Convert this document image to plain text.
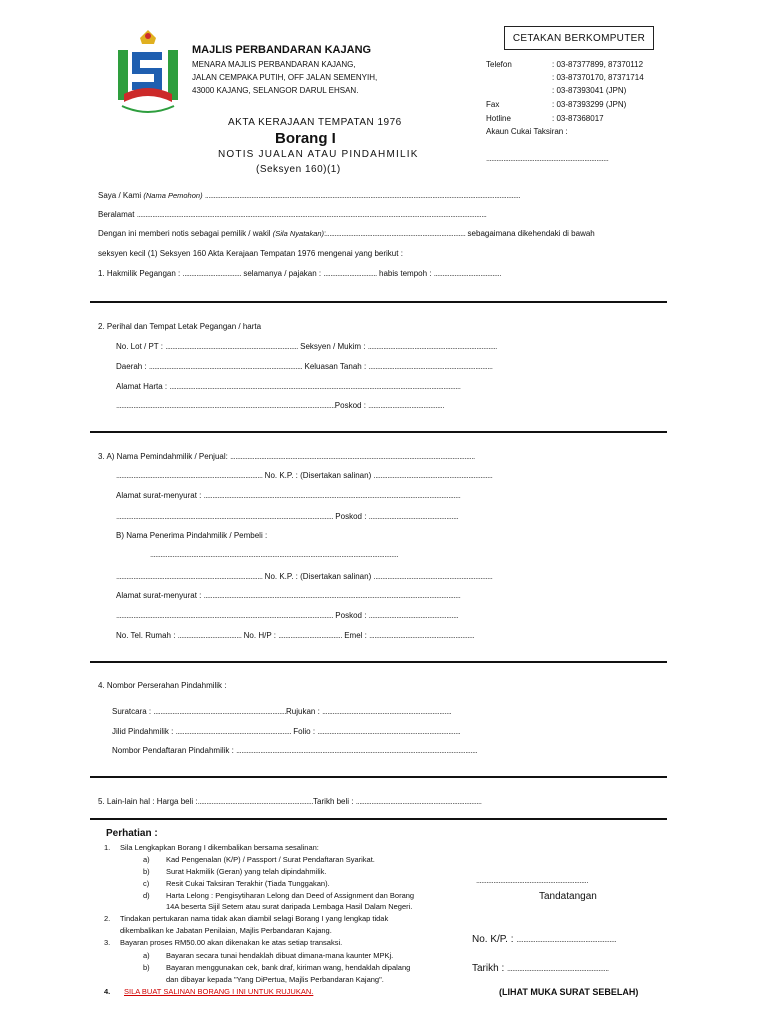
MAJLIS PERBANDARAN KAJANG
MENARA MAJLIS PERBANDARAN KAJANG,
JALAN CEMPAKA PUTIH, OFF JALAN SEMENYIH,
43000 KAJANG, SELANGOR DARUL EHSAN.
AKTA KERAJAAN TEMPATAN 1976
Borang I
NOTIS JUALAN ATAU PINDAHMILIK
(Seksyen 160)(1)
CETAKAN BERKOMPUTER
Telefon	: 03-87377899, 87370112
: 03-87370170, 87371714
: 03-87393041 (JPN)
Fax	: 03-87393299 (JPN)
Hotline	: 03-87368017
Akaun Cukai Taksiran :
.......................................................................
Saya / Kami (Nama Pemohon) .......................................................................................................................................................................................
Beralamat ...........................................................................................................................................................................................................
Dengan ini memberi notis sebagai pemilik / wakil (Sila Nyatakan):................................................................................. sebagaimana dikehendaki di bawah
seksyen kecil (1) Seksyen 160 Akta Kerajaan Tempatan 1976 mengenai yang berikut :
1. Hakmilik Pegangan : .................................. selamanya / pajakan : ............................... habis tempoh : .......................................
2. Perihal dan Tempat Letak Pegangan / harta
No. Lot / PT : ............................................................................. Seksyen / Mukim : ...........................................................................
Daerah : ......................................................................................... Keluasan Tanah : ........................................................................
Alamat Harta : .........................................................................................................................................................................
...............................................................................................................................Poskod : ............................................
3. A) Nama Pemindahmilik / Penjual: ..............................................................................................................................................
..................................................................................... No. K.P. : (Disertakan salinan) .....................................................................
Alamat surat-menyurat : .....................................................................................................................................................
.............................................................................................................................. Poskod : ....................................................
B) Nama Penerima Pindahmilik / Pembeli :
................................................................................................................................................
..................................................................................... No. K.P. : (Disertakan salinan) .....................................................................
Alamat surat-menyurat : .....................................................................................................................................................
.............................................................................................................................. Poskod : ....................................................
No. Tel. Rumah : ..................................... No. H/P : ..................................... Emel : .............................................................
4. Nombor Perserahan Pindahmilik :
Suratcara : .............................................................................Rujukan : ...........................................................................
Jilid Pindahmilik : ................................................................... Folio : ...................................................................................
Nombor Pendaftaran Pindahmilik : ............................................................................................................................................
5. Lain-lain hal : Harga beli :...................................................................Tarikh beli : .........................................................................
Perhatian :
1. Sila Lengkapkan Borang I dikembalikan bersama sesalinan:
a) Kad Pengenalan (K/P) / Passport / Surat Pendaftaran Syarikat.
b) Surat Hakmilik (Geran) yang telah dipindahmilik.
c) Resit Cukai Taksiran Terakhir (Tiada Tunggakan).
d) Harta Lelong : Pengisytiharan Lelong dan Deed of Assignment dan Borang
14A beserta Sijil Setem atau surat daripada Lembaga Hasil Dalam Negeri.
2. Tindakan pertukaran nama tidak akan diambil selagi Borang I yang lengkap tidak
dikembalikan ke Jabatan Penilaian, Majlis Perbandaran Kajang.
3. Bayaran proses RM50.00 akan dikenakan ke atas setiap transaksi.
a) Bayaran secara tunai hendaklah dibuat dimana-mana kaunter MPKj.
b) Bayaran menggunakan cek, bank draf, kiriman wang, hendaklah dipalang
dan dibayar kepada "Yang DiPertua, Majlis Perbandaran Kajang".
4. SILA BUAT SALINAN BORANG I INI UNTUK RUJUKAN.
.................................................................
Tandatangan
No. K/P. : ..........................................................
Tarikh : ...........................................................
(LIHAT MUKA SURAT SEBELAH)
